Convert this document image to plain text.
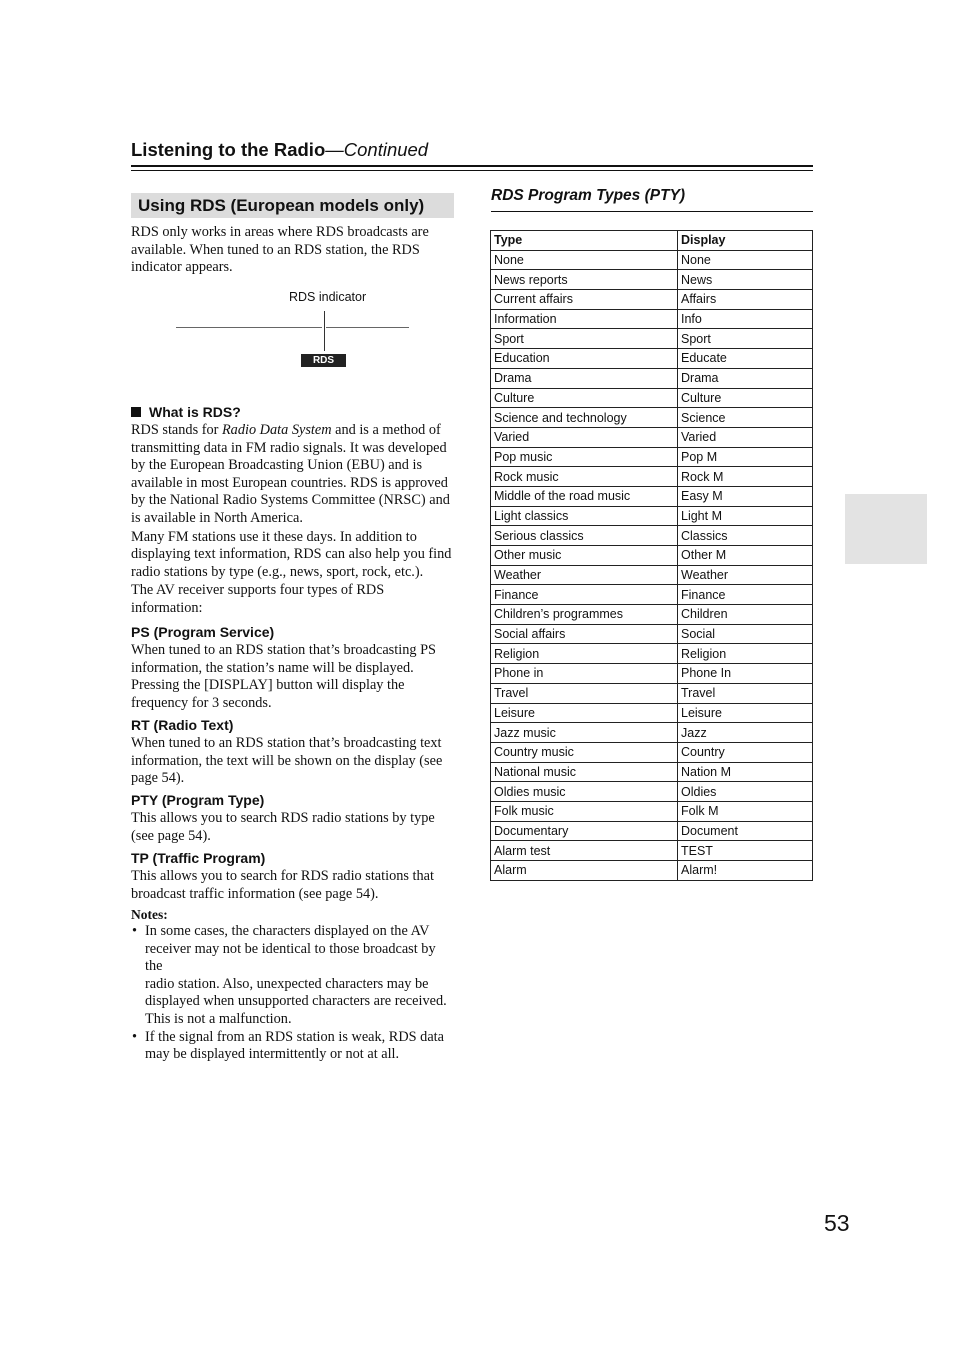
Listening to the Radio—Continued
Using RDS (European models only)
RDS only works in areas where RDS broadcasts are
available. When tuned to an RDS station, the RDS
indicator appears.
RDS indicator
RDS
What is RDS?
RDS stands for Radio Data System and is a method of
transmitting data in FM radio signals. It was developed
by the European Broadcasting Union (EBU) and is
available in most European countries. RDS is approved
by the National Radio Systems Committee (NRSC) and
is available in North America.
Many FM stations use it these days. In addition to
displaying text information, RDS can also help you find
radio stations by type (e.g., news, sport, rock, etc.).
The AV receiver supports four types of RDS
information:
PS (Program Service)
When tuned to an RDS station that’s broadcasting PS
information, the station’s name will be displayed.
Pressing the [DISPLAY] button will display the
frequency for 3 seconds.
RT (Radio Text)
When tuned to an RDS station that’s broadcasting text
information, the text will be shown on the display (see
page 54).
PTY (Program Type)
This allows you to search RDS radio stations by type
(see page 54).
TP (Traffic Program)
This allows you to search for RDS radio stations that
broadcast traffic information (see page 54).
Notes:
• In some cases, the characters displayed on the AV
receiver may not be identical to those broadcast by the
radio station. Also, unexpected characters may be
displayed when unsupported characters are received.
This is not a malfunction.
• If the signal from an RDS station is weak, RDS data
may be displayed intermittently or not at all.
RDS Program Types (PTY)
Type	Display
None	None
News reports	News
Current affairs	Affairs
Information	Info
Sport	Sport
Education	Educate
Drama	Drama
Culture	Culture
Science and technology	Science
Varied	Varied
Pop music	Pop M
Rock music	Rock M
Middle of the road music	Easy M
Light classics	Light M
Serious classics	Classics
Other music	Other M
Weather	Weather
Finance	Finance
Children’s programmes	Children
Social affairs	Social
Religion	Religion
Phone in	Phone In
Travel	Travel
Leisure	Leisure
Jazz music	Jazz
Country music	Country
National music	Nation M
Oldies music	Oldies
Folk music	Folk M
Documentary	Document
Alarm test	TEST
Alarm	Alarm!
53
